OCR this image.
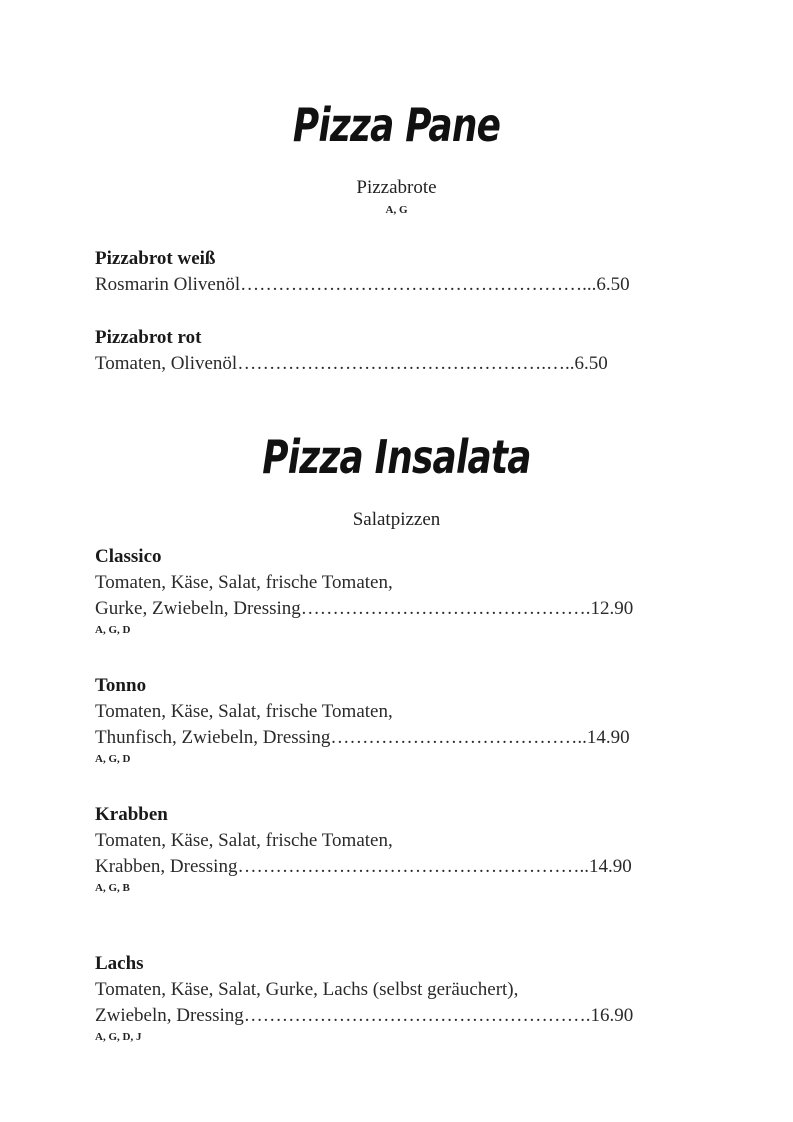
Pizza Pane
Pizzabrote
A, G
Pizzabrot weiß
Rosmarin Olivenöl………………………………………………...6.50
Pizzabrot rot
Tomaten, Olivenöl………………………………………….…..6.50
Pizza Insalata
Salatpizzen
Classico
Tomaten, Käse, Salat, frische Tomaten,
Gurke, Zwiebeln, Dressing……………………………………….12.90
A, G, D
Tonno
Tomaten, Käse, Salat, frische Tomaten,
Thunfisch, Zwiebeln, Dressing…………………………………..14.90
A, G, D
Krabben
Tomaten, Käse, Salat, frische Tomaten,
Krabben, Dressing………………………………………………..14.90
A, G, B
Lachs
Tomaten, Käse, Salat, Gurke, Lachs (selbst geräuchert),
Zwiebeln, Dressing……………………………………………….16.90
A, G, D, J
